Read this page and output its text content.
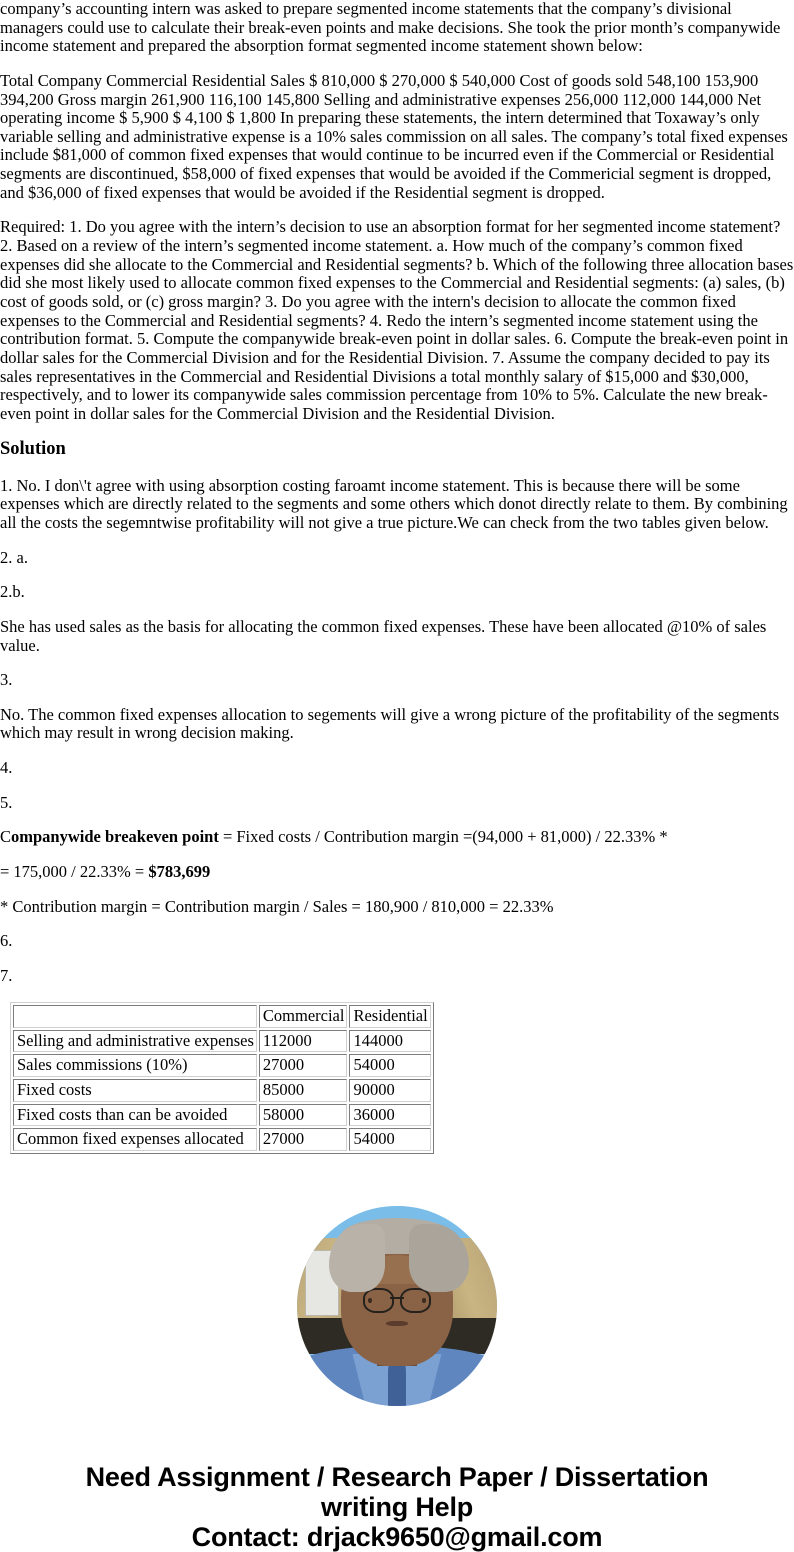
company’s accounting intern was asked to prepare segmented income statements that the company’s divisional managers could use to calculate their break-even points and make decisions. She took the prior month’s companywide income statement and prepared the absorption format segmented income statement shown below:

Total Company Commercial Residential Sales $ 810,000 $ 270,000 $ 540,000 Cost of goods sold 548,100 153,900 394,200 Gross margin 261,900 116,100 145,800 Selling and administrative expenses 256,000 112,000 144,000 Net operating income $ 5,900 $ 4,100 $ 1,800 In preparing these statements, the intern determined that Toxaway’s only variable selling and administrative expense is a 10% sales commission on all sales. The company’s total fixed expenses include $81,000 of common fixed expenses that would continue to be incurred even if the Commercial or Residential segments are discontinued, $58,000 of fixed expenses that would be avoided if the Commericial segment is dropped, and $36,000 of fixed expenses that would be avoided if the Residential segment is dropped.

Required: 1. Do you agree with the intern’s decision to use an absorption format for her segmented income statement? 2. Based on a review of the intern’s segmented income statement. a. How much of the company’s common fixed expenses did she allocate to the Commercial and Residential segments? b. Which of the following three allocation bases did she most likely used to allocate common fixed expenses to the Commercial and Residential segments: (a) sales, (b) cost of goods sold, or (c) gross margin? 3. Do you agree with the intern's decision to allocate the common fixed expenses to the Commercial and Residential segments? 4. Redo the intern’s segmented income statement using the contribution format. 5. Compute the companywide break-even point in dollar sales. 6. Compute the break-even point in dollar sales for the Commercial Division and for the Residential Division. 7. Assume the company decided to pay its sales representatives in the Commercial and Residential Divisions a total monthly salary of $15,000 and $30,000, respectively, and to lower its companywide sales commission percentage from 10% to 5%. Calculate the new break-even point in dollar sales for the Commercial Division and the Residential Division.

Solution

1. No. I don\'t agree with using absorption costing faroamt income statement. This is because there will be some expenses which are directly related to the segments and some others which donot directly relate to them. By combining all the costs the segemntwise profitability will not give a true picture.We can check from the two tables given below.

2. a.

2.b.

She has used sales as the basis for allocating the common fixed expenses. These have been allocated @10% of sales value.

3.

No. The common fixed expenses allocation to segements will give a wrong picture of the profitability of the segments which may result in wrong decision making.

4.

5.

Companywide breakeven point = Fixed costs / Contribution margin =(94,000 + 81,000) / 22.33% *

= 175,000 / 22.33% = $783,699

* Contribution margin = Contribution margin / Sales = 180,900 / 810,000 = 22.33%

6.

7.

	Commercial	Residential
Selling and administrative expenses	112000	144000
Sales commissions (10%)	27000	54000
Fixed costs	85000	90000
Fixed costs than can be avoided	58000	36000
Common fixed expenses allocated	27000	54000
Need Assignment / Research Paper / Dissertation
writing Help
Contact: drjack9650@gmail.com
